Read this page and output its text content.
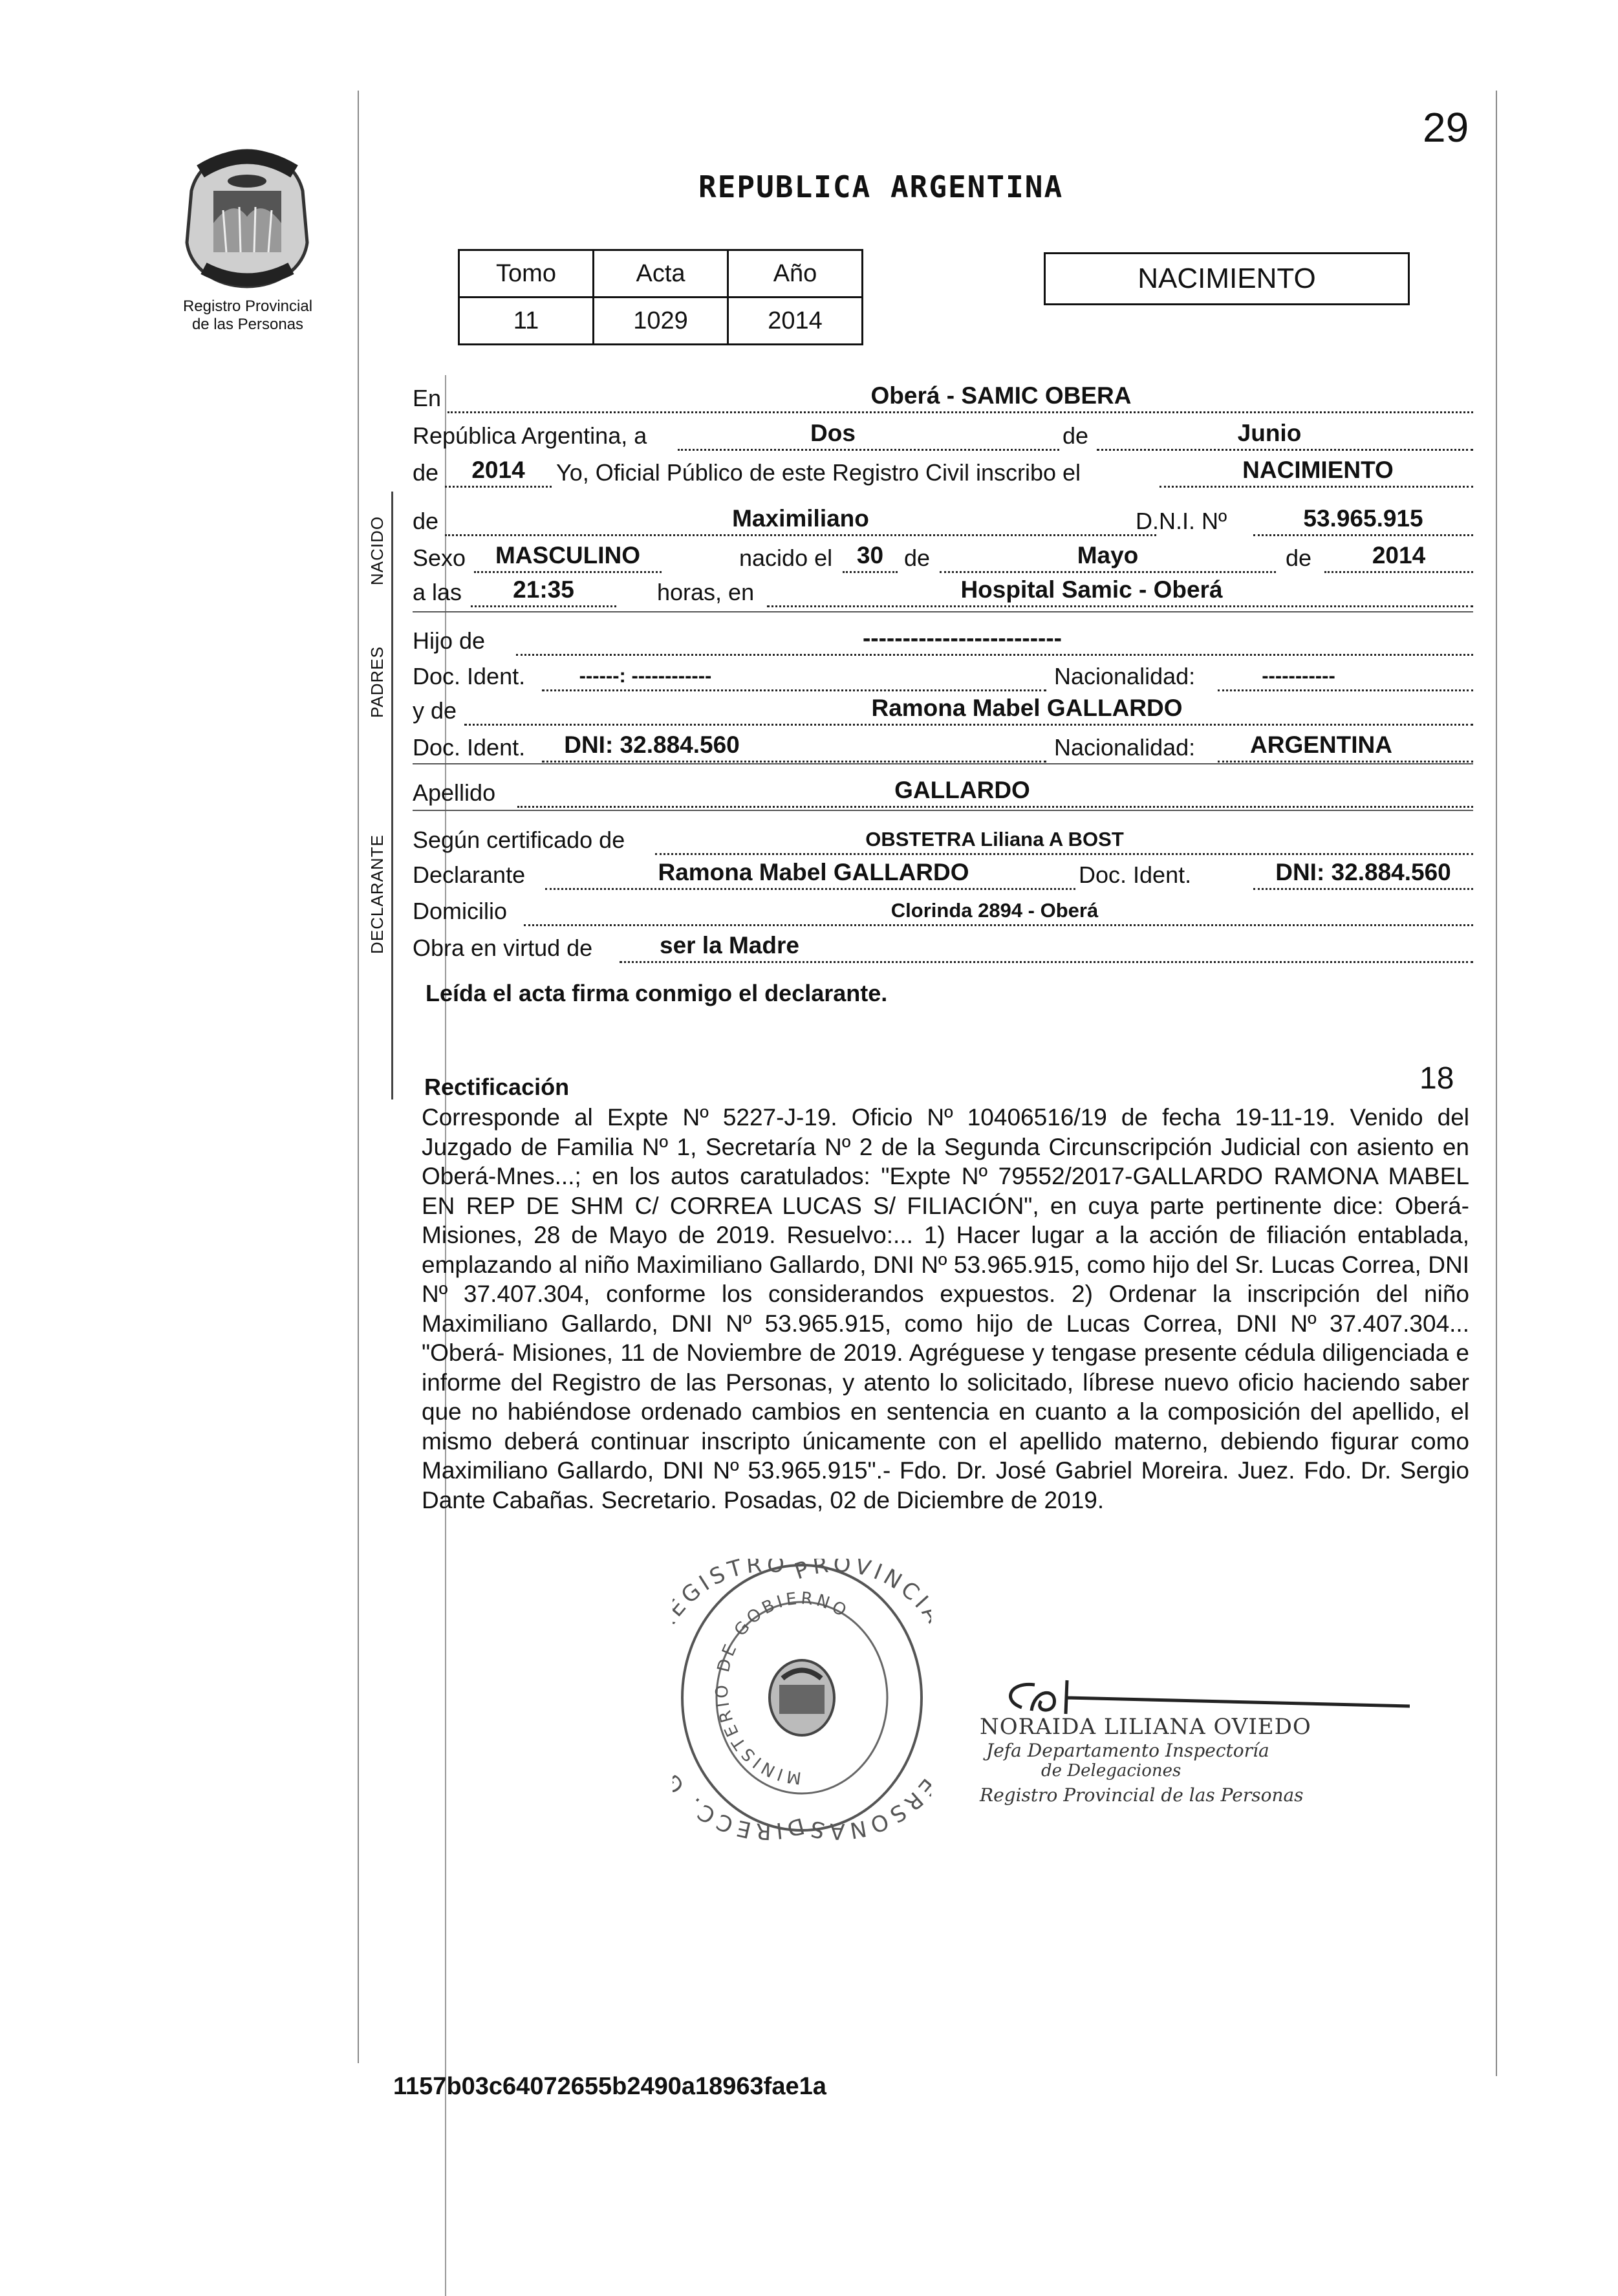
29
Registro Provincial
de las Personas
REPUBLICA ARGENTINA
Tomo	Acta	Año
11	1029	2014
NACIMIENTO
NACIDO
PADRES
DECLARANTE
En	Oberá - SAMIC OBERA
República Argentina, a	Dos	de	Junio
de	2014	Yo, Oficial Público de este Registro Civil inscribo el	NACIMIENTO
de	Maximiliano	D.N.I. Nº	53.965.915
Sexo	MASCULINO	nacido el	30 de	Mayo	de	2014
a las	21:35	horas, en	Hospital Samic - Oberá
Hijo de	-------------------------
Doc. Ident.	------: ------------	Nacionalidad:	-----------
y de	Ramona Mabel GALLARDO
Doc. Ident.	DNI: 32.884.560	Nacionalidad:	ARGENTINA
Apellido	GALLARDO
Según certificado de	OBSTETRA Liliana A BOST
Declarante	Ramona Mabel GALLARDO	Doc. Ident.	DNI: 32.884.560
Domicilio	Clorinda 2894 - Oberá
Obra en virtud de	ser la Madre
Leída el acta firma conmigo el declarante.
Rectificación	18
Corresponde al Expte Nº 5227-J-19. Oficio Nº 10406516/19 de fecha 19-11-19. Venido del Juzgado de Familia Nº 1, Secretaría Nº 2 de la Segunda Circunscripción Judicial con asiento en Oberá-Mnes...; en los autos caratulados: "Expte Nº 79552/2017-GALLARDO RAMONA MABEL EN REP DE SHM C/ CORREA LUCAS S/ FILIACIÓN", en cuya parte pertinente dice: Oberá-Misiones, 28 de Mayo de 2019. Resuelvo:... 1) Hacer lugar a la acción de filiación entablada, emplazando al niño Maximiliano Gallardo, DNI Nº 53.965.915, como hijo del Sr. Lucas Correa, DNI Nº 37.407.304, conforme los considerandos expuestos. 2) Ordenar la inscripción del niño Maximiliano Gallardo, DNI Nº 53.965.915, como hijo de Lucas Correa, DNI Nº 37.407.304... "Oberá- Misiones, 11 de Noviembre de 2019. Agréguese y tengase presente cédula diligenciada e informe del Registro de las Personas, y atento lo solicitado, líbrese nuevo oficio haciendo saber que no habiéndose ordenado cambios en sentencia en cuanto a la composición del apellido, el mismo deberá continuar inscripto únicamente con el apellido materno, debiendo figurar como Maximiliano Gallardo, DNI Nº 53.965.915".- Fdo. Dr. José Gabriel Moreira. Juez. Fdo. Dr. Sergio Dante Cabañas. Secretario. Posadas, 02 de Diciembre de 2019.
DIRECC. GISTRO PROVINC RSONAS
MINISTERIO DE GOBIERNO
NORAIDA LILIANA OVIEDO
Jefa Departamento Inspectoría
de Delegaciones
Registro Provincial de las Personas
1157b03c64072655b2490a18963fae1a
